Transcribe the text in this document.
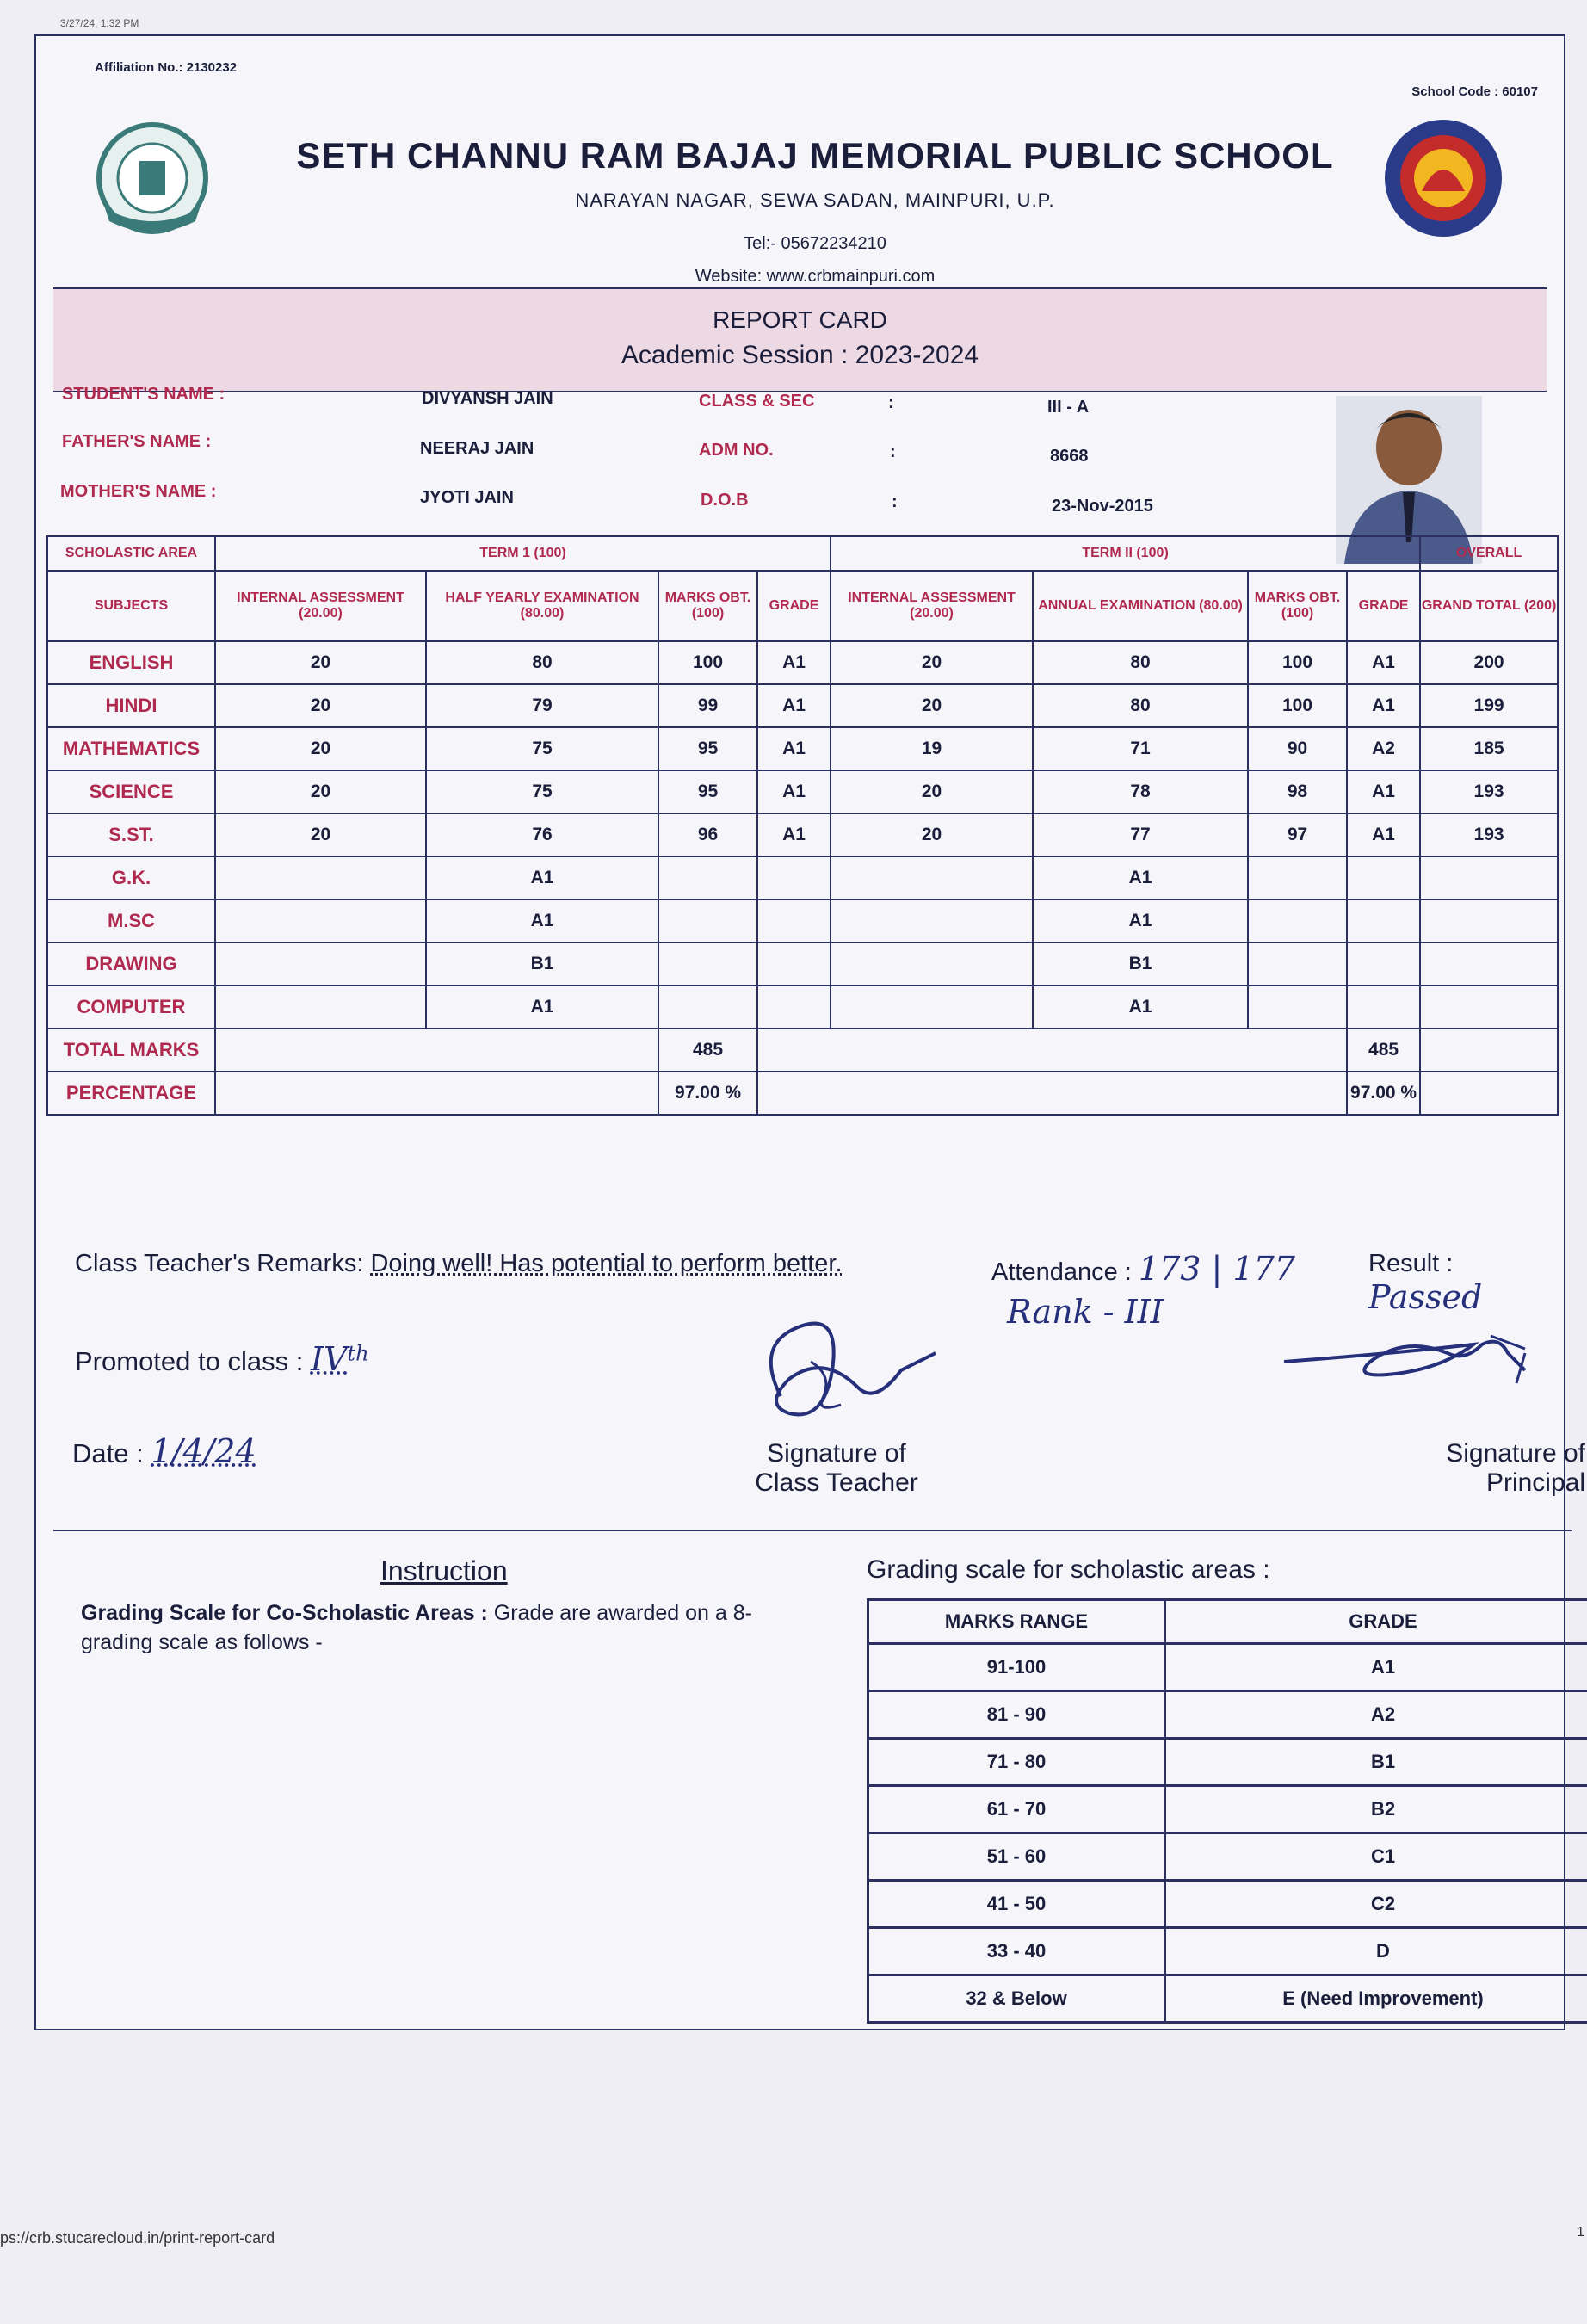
3/27/24, 1:32 PM
Affiliation No.: 2130232
School Code : 60107
SETH CHANNU RAM BAJAJ MEMORIAL PUBLIC SCHOOL
NARAYAN NAGAR, SEWA SADAN, MAINPURI, U.P.
Tel:- 05672234210
Website: www.crbmainpuri.com
REPORT CARD
Academic Session : 2023-2024
STUDENT'S NAME :	DIVYANSH JAIN	CLASS & SEC	:	III - A
FATHER'S NAME :	NEERAJ JAIN	ADM NO.	:	8668
MOTHER'S NAME :	JYOTI JAIN	D.O.B	:	23-Nov-2015
SCHOLASTIC AREA	TERM 1 (100)				TERM II (100)				OVERALL
SUBJECTS	INTERNAL ASSESSMENT (20.00)	HALF YEARLY EXAMINATION (80.00)	MARKS OBT. (100)	GRADE	INTERNAL ASSESSMENT (20.00)	ANNUAL EXAMINATION (80.00)	MARKS OBT. (100)	GRADE	GRAND TOTAL (200)
ENGLISH	20	80	100	A1	20	80	100	A1	200
HINDI	20	79	99	A1	20	80	100	A1	199
MATHEMATICS	20	75	95	A1	19	71	90	A2	185
SCIENCE	20	75	95	A1	20	78	98	A1	193
S.ST.	20	76	96	A1	20	77	97	A1	193
G.K.		A1				A1			
M.SC		A1				A1			
DRAWING		B1				B1			
COMPUTER		A1				A1			
TOTAL MARKS			485					485	
PERCENTAGE			97.00 %					97.00 %	
Class Teacher's Remarks: Doing well! Has potential to perform better.	Attendance : 173 | 177	Result : Passed
Rank - III
Promoted to class : IVth
Date : 1/4/24	Signature of Class Teacher
Signature of Principal
Instruction	Grading scale for scholastic areas :
Grading Scale for Co-Scholastic Areas : Grade are awarded on a 8-grading scale as follows -
MARKS RANGE	GRADE
91-100	A1
81 - 90	A2
71 - 80	B1
61 - 70	B2
51 - 60	C1
41 - 50	C2
33 - 40	D
32 & Below	E (Need Improvement)
ps://crb.stucarecloud.in/print-report-card	1
